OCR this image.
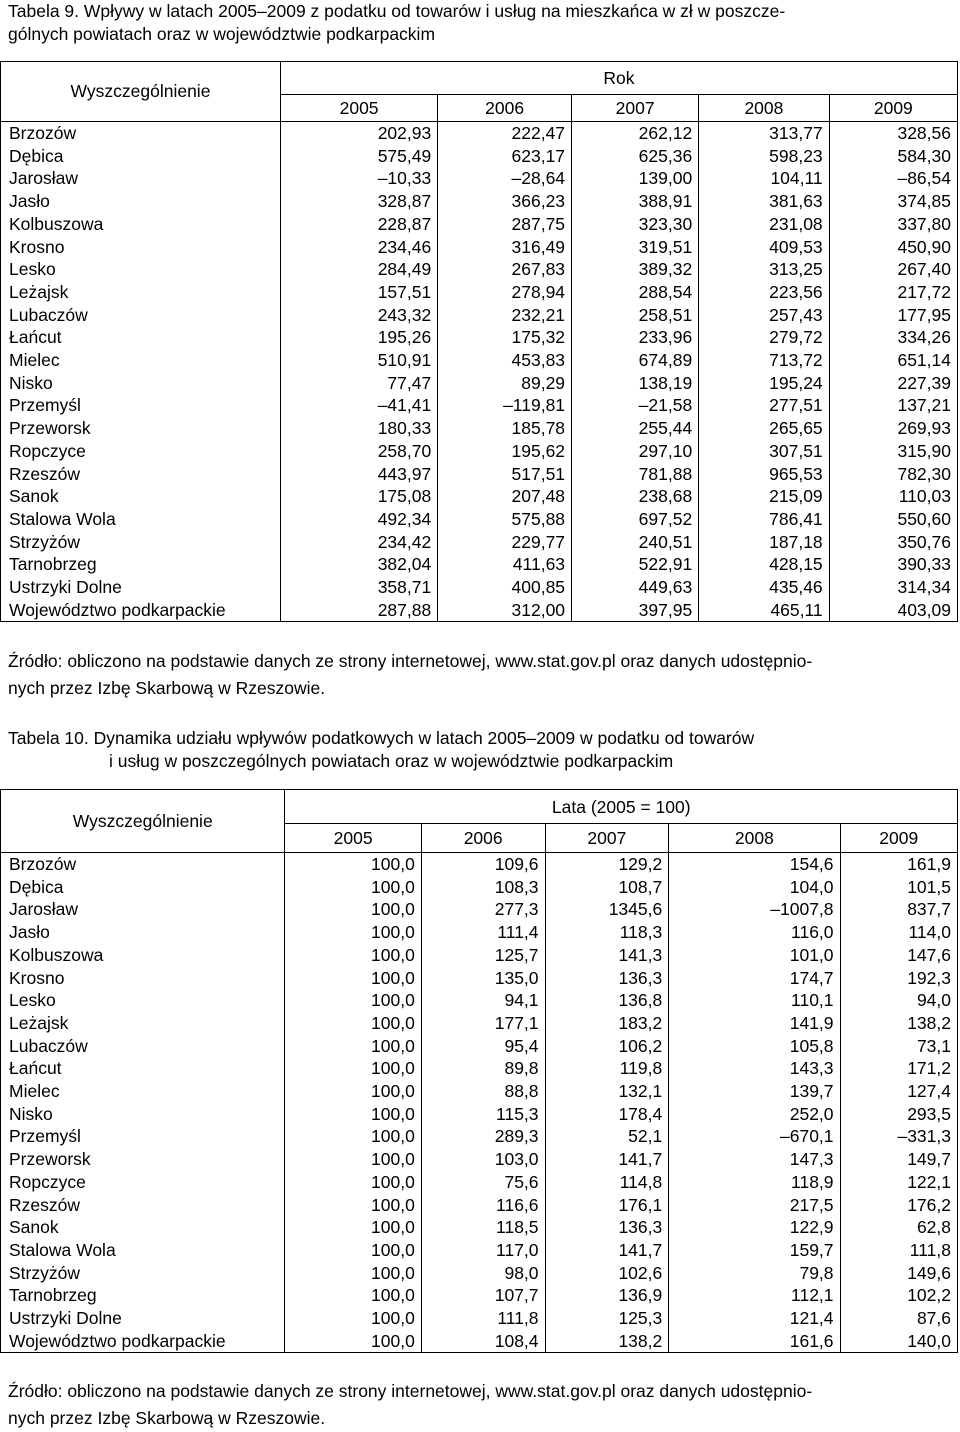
Tabela 9. Wpływy w latach 2005–2009 z podatku od towarów i usług na mieszkańca w zł w poszcze-
gólnych powiatach oraz w województwie podkarpackim
Wyszczególnienie	Rok				
	2005	2006	2007	2008	2009
Brzozów	202,93	222,47	262,12	313,77	328,56
Dębica	575,49	623,17	625,36	598,23	584,30
Jarosław	–10,33	–28,64	139,00	104,11	–86,54
Jasło	328,87	366,23	388,91	381,63	374,85
Kolbuszowa	228,87	287,75	323,30	231,08	337,80
Krosno	234,46	316,49	319,51	409,53	450,90
Lesko	284,49	267,83	389,32	313,25	267,40
Leżajsk	157,51	278,94	288,54	223,56	217,72
Lubaczów	243,32	232,21	258,51	257,43	177,95
Łańcut	195,26	175,32	233,96	279,72	334,26
Mielec	510,91	453,83	674,89	713,72	651,14
Nisko	77,47	89,29	138,19	195,24	227,39
Przemyśl	–41,41	–119,81	–21,58	277,51	137,21
Przeworsk	180,33	185,78	255,44	265,65	269,93
Ropczyce	258,70	195,62	297,10	307,51	315,90
Rzeszów	443,97	517,51	781,88	965,53	782,30
Sanok	175,08	207,48	238,68	215,09	110,03
Stalowa Wola	492,34	575,88	697,52	786,41	550,60
Strzyżów	234,42	229,77	240,51	187,18	350,76
Tarnobrzeg	382,04	411,63	522,91	428,15	390,33
Ustrzyki Dolne	358,71	400,85	449,63	435,46	314,34
Województwo podkarpackie	287,88	312,00	397,95	465,11	403,09
Źródło: obliczono na podstawie danych ze strony internetowej, www.stat.gov.pl oraz danych udostępnio-
nych przez Izbę Skarbową w Rzeszowie.
Tabela 10. Dynamika udziału wpływów podatkowych w latach 2005–2009 w podatku od towarów
i usług w poszczególnych powiatach oraz w województwie podkarpackim
Wyszczególnienie	Lata (2005 = 100)				
	2005	2006	2007	2008	2009
Brzozów	100,0	109,6	129,2	154,6	161,9
Dębica	100,0	108,3	108,7	104,0	101,5
Jarosław	100,0	277,3	1345,6	–1007,8	837,7
Jasło	100,0	111,4	118,3	116,0	114,0
Kolbuszowa	100,0	125,7	141,3	101,0	147,6
Krosno	100,0	135,0	136,3	174,7	192,3
Lesko	100,0	94,1	136,8	110,1	94,0
Leżajsk	100,0	177,1	183,2	141,9	138,2
Lubaczów	100,0	95,4	106,2	105,8	73,1
Łańcut	100,0	89,8	119,8	143,3	171,2
Mielec	100,0	88,8	132,1	139,7	127,4
Nisko	100,0	115,3	178,4	252,0	293,5
Przemyśl	100,0	289,3	52,1	–670,1	–331,3
Przeworsk	100,0	103,0	141,7	147,3	149,7
Ropczyce	100,0	75,6	114,8	118,9	122,1
Rzeszów	100,0	116,6	176,1	217,5	176,2
Sanok	100,0	118,5	136,3	122,9	62,8
Stalowa Wola	100,0	117,0	141,7	159,7	111,8
Strzyżów	100,0	98,0	102,6	79,8	149,6
Tarnobrzeg	100,0	107,7	136,9	112,1	102,2
Ustrzyki Dolne	100,0	111,8	125,3	121,4	87,6
Województwo podkarpackie	100,0	108,4	138,2	161,6	140,0
Źródło: obliczono na podstawie danych ze strony internetowej, www.stat.gov.pl oraz danych udostępnio-
nych przez Izbę Skarbową w Rzeszowie.
